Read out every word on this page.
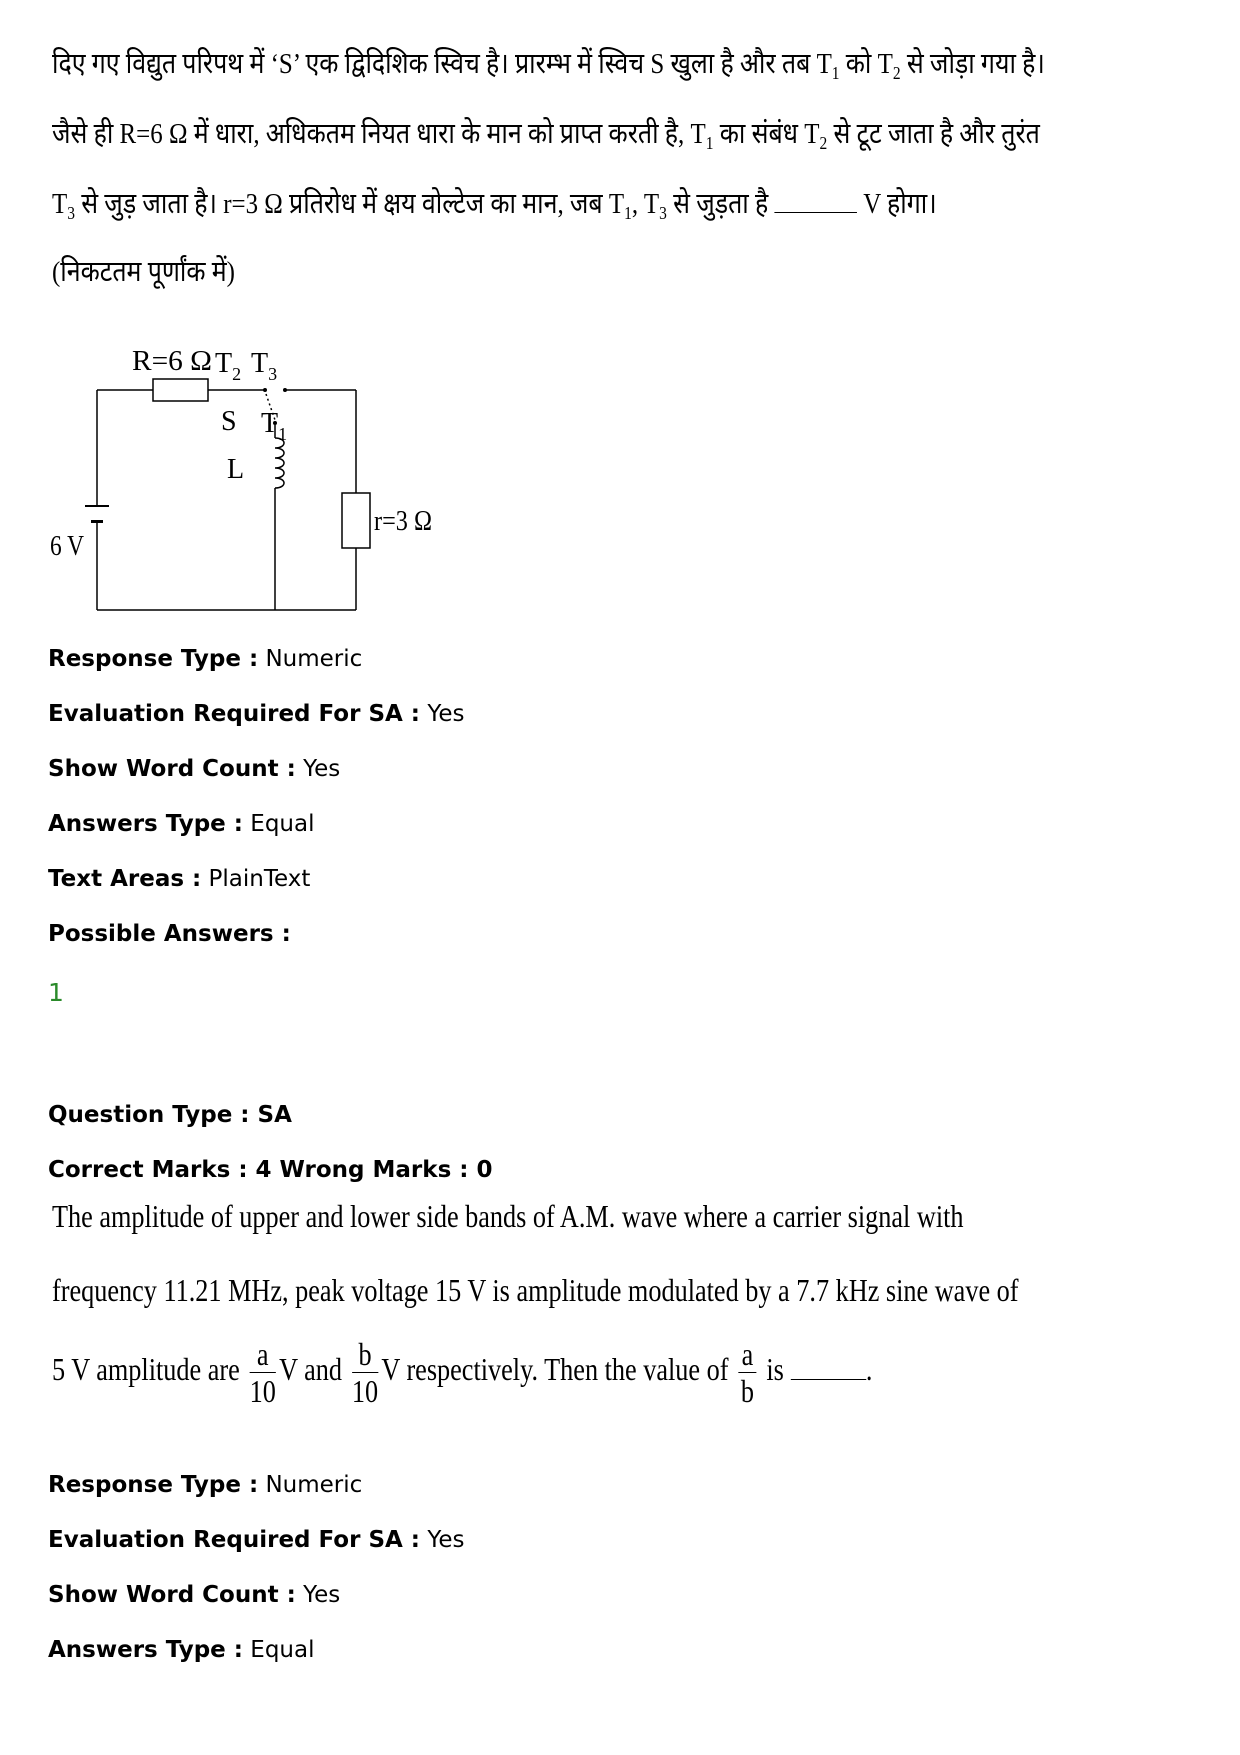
दिए गए विद्युत परिपथ में ‘S’ एक द्विदिशिक स्विच है। प्रारम्भ में स्विच S खुला है और तब $T_1$ को $T_2$ से जोड़ा गया है।
जैसे ही R=6 Ω में धारा, अधिकतम नियत धारा के मान को प्राप्त करती है, $T_1$ का संबंध $T_2$ से टूट जाता है और तुरंत
$T_3$ से जुड़ जाता है। r=3 Ω प्रतिरोध में क्षय वोल्टेज का मान, जब $T_1$, $T_3$ से जुड़ता है	V होगा।
(निकटतम पूर्णांक में)
R=6 Ω $T_2$ $T_3$
S $T_1$
L
6 V
r=3 Ω
Response Type : Numeric
Evaluation Required For SA : Yes
Show Word Count : Yes
Answers Type : Equal
Text Areas : PlainText
Possible Answers :
1
Question Type : SA
Correct Marks : 4 Wrong Marks : 0
The amplitude of upper and lower side bands of A.M. wave where a carrier signal with
frequency 11.21 MHz, peak voltage 15 V is amplitude modulated by a 7.7 kHz sine wave of
5 V amplitude are $\frac{a}{10}$ V and $\frac{b}{10}$ V respectively. Then the value of $\frac{a}{b}$ is	.
Response Type : Numeric
Evaluation Required For SA : Yes
Show Word Count : Yes
Answers Type : Equal
